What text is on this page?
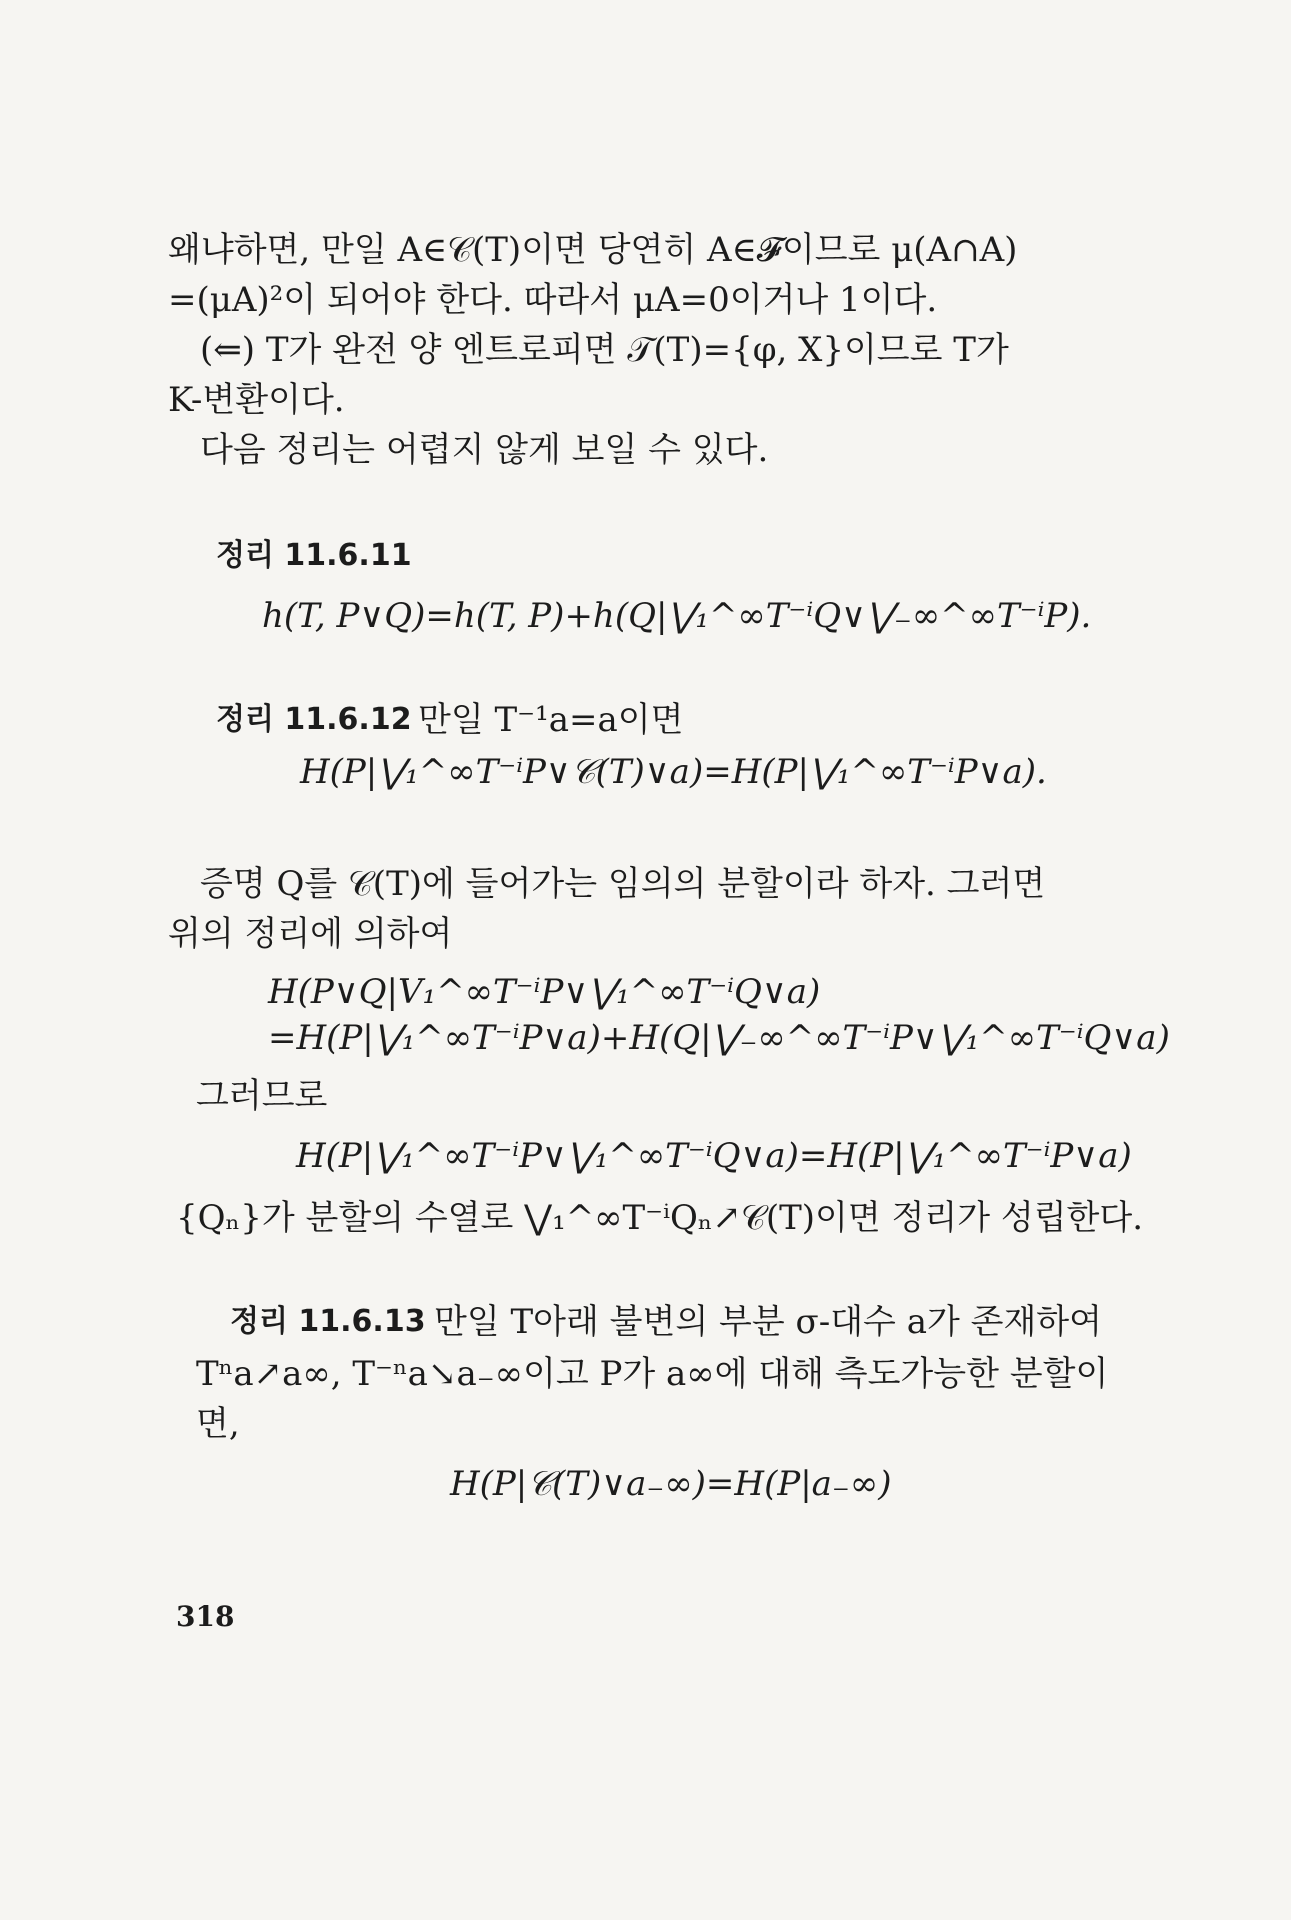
왜냐하면, 만일 A∈𝒞(T)이면 당연히 A∈𝓕이므로 μ(A∩A)
=(μA)²이 되어야 한다. 따라서 μA=0이거나 1이다.
(⇐) T가 완전 양 엔트로피면 𝒯(T)={φ, X}이므로 T가
K-변환이다.
다음 정리는 어렵지 않게 보일 수 있다.
정리 11.6.11
h(T, P∨Q)=h(T, P)+h(Q|⋁₁^∞T⁻ⁱQ∨⋁₋∞^∞T⁻ⁱP).
정리 11.6.12 만일 T⁻¹a=a이면
H(P|⋁₁^∞T⁻ⁱP∨𝒞(T)∨a)=H(P|⋁₁^∞T⁻ⁱP∨a).
증명 Q를 𝒞(T)에 들어가는 임의의 분할이라 하자. 그러면
위의 정리에 의하여
H(P∨Q|V₁^∞T⁻ⁱP∨⋁₁^∞T⁻ⁱQ∨a)
=H(P|⋁₁^∞T⁻ⁱP∨a)+H(Q|⋁₋∞^∞T⁻ⁱP∨⋁₁^∞T⁻ⁱQ∨a)
그러므로
H(P|⋁₁^∞T⁻ⁱP∨⋁₁^∞T⁻ⁱQ∨a)=H(P|⋁₁^∞T⁻ⁱP∨a)
{Qₙ}가 분할의 수열로 ⋁₁^∞T⁻ⁱQₙ↗𝒞(T)이면 정리가 성립한다.
정리 11.6.13 만일 T아래 불변의 부분 σ-대수 a가 존재하여
Tⁿa↗a∞, T⁻ⁿa↘a₋∞이고 P가 a∞에 대해 측도가능한 분할이
면,
H(P|𝒞(T)∨a₋∞)=H(P|a₋∞)
318
